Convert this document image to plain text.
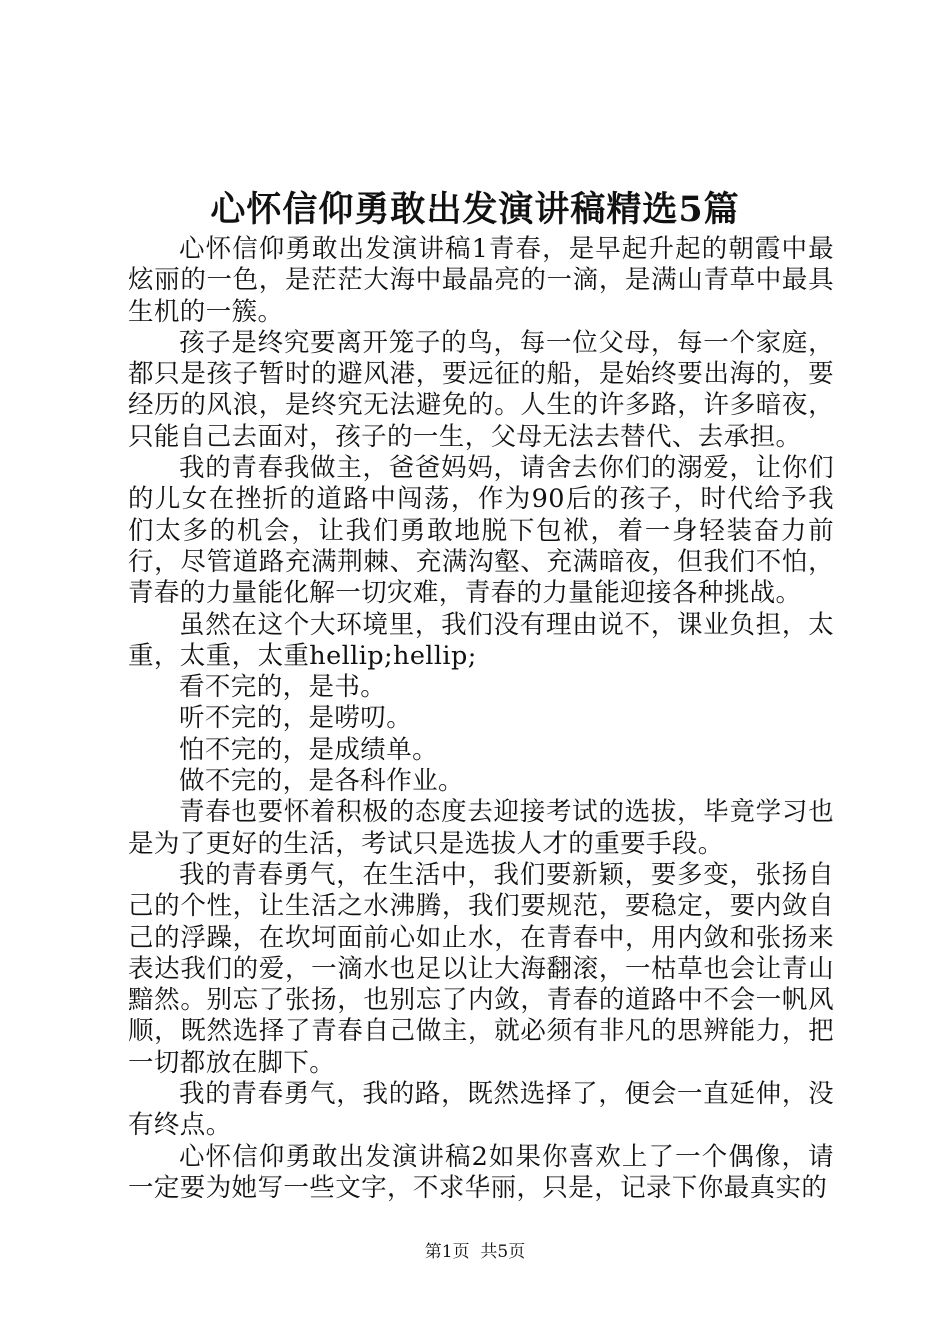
心怀信仰勇敢出发演讲稿精选5篇

心怀信仰勇敢出发演讲稿1青春，是早起升起的朝霞中最炫丽的一色，是茫茫大海中最晶亮的一滴，是满山青草中最具生机的一簇。

孩子是终究要离开笼子的鸟，每一位父母，每一个家庭，都只是孩子暂时的避风港，要远征的船，是始终要出海的，要经历的风浪，是终究无法避免的。人生的许多路，许多暗夜，只能自己去面对，孩子的一生，父母无法去替代、去承担。

我的青春我做主，爸爸妈妈，请舍去你们的溺爱，让你们的儿女在挫折的道路中闯荡，作为90后的孩子，时代给予我们太多的机会，让我们勇敢地脱下包袱，着一身轻装奋力前行，尽管道路充满荆棘、充满沟壑、充满暗夜，但我们不怕，青春的力量能化解一切灾难，青春的力量能迎接各种挑战。

虽然在这个大环境里，我们没有理由说不，课业负担，太重，太重，太重hellip;hellip;

看不完的，是书。

听不完的，是唠叨。

怕不完的，是成绩单。

做不完的，是各科作业。

青春也要怀着积极的态度去迎接考试的选拔，毕竟学习也是为了更好的生活，考试只是选拔人才的重要手段。

我的青春勇气，在生活中，我们要新颖，要多变，张扬自己的个性，让生活之水沸腾，我们要规范，要稳定，要内敛自己的浮躁，在坎坷面前心如止水，在青春中，用内敛和张扬来表达我们的爱，一滴水也足以让大海翻滚，一枯草也会让青山黯然。别忘了张扬，也别忘了内敛，青春的道路中不会一帆风顺，既然选择了青春自己做主，就必须有非凡的思辨能力，把一切都放在脚下。

我的青春勇气，我的路，既然选择了，便会一直延伸，没有终点。

心怀信仰勇敢出发演讲稿2如果你喜欢上了一个偶像，请一定要为她写一些文字，不求华丽，只是，记录下你最真实的

第1页 共5页
